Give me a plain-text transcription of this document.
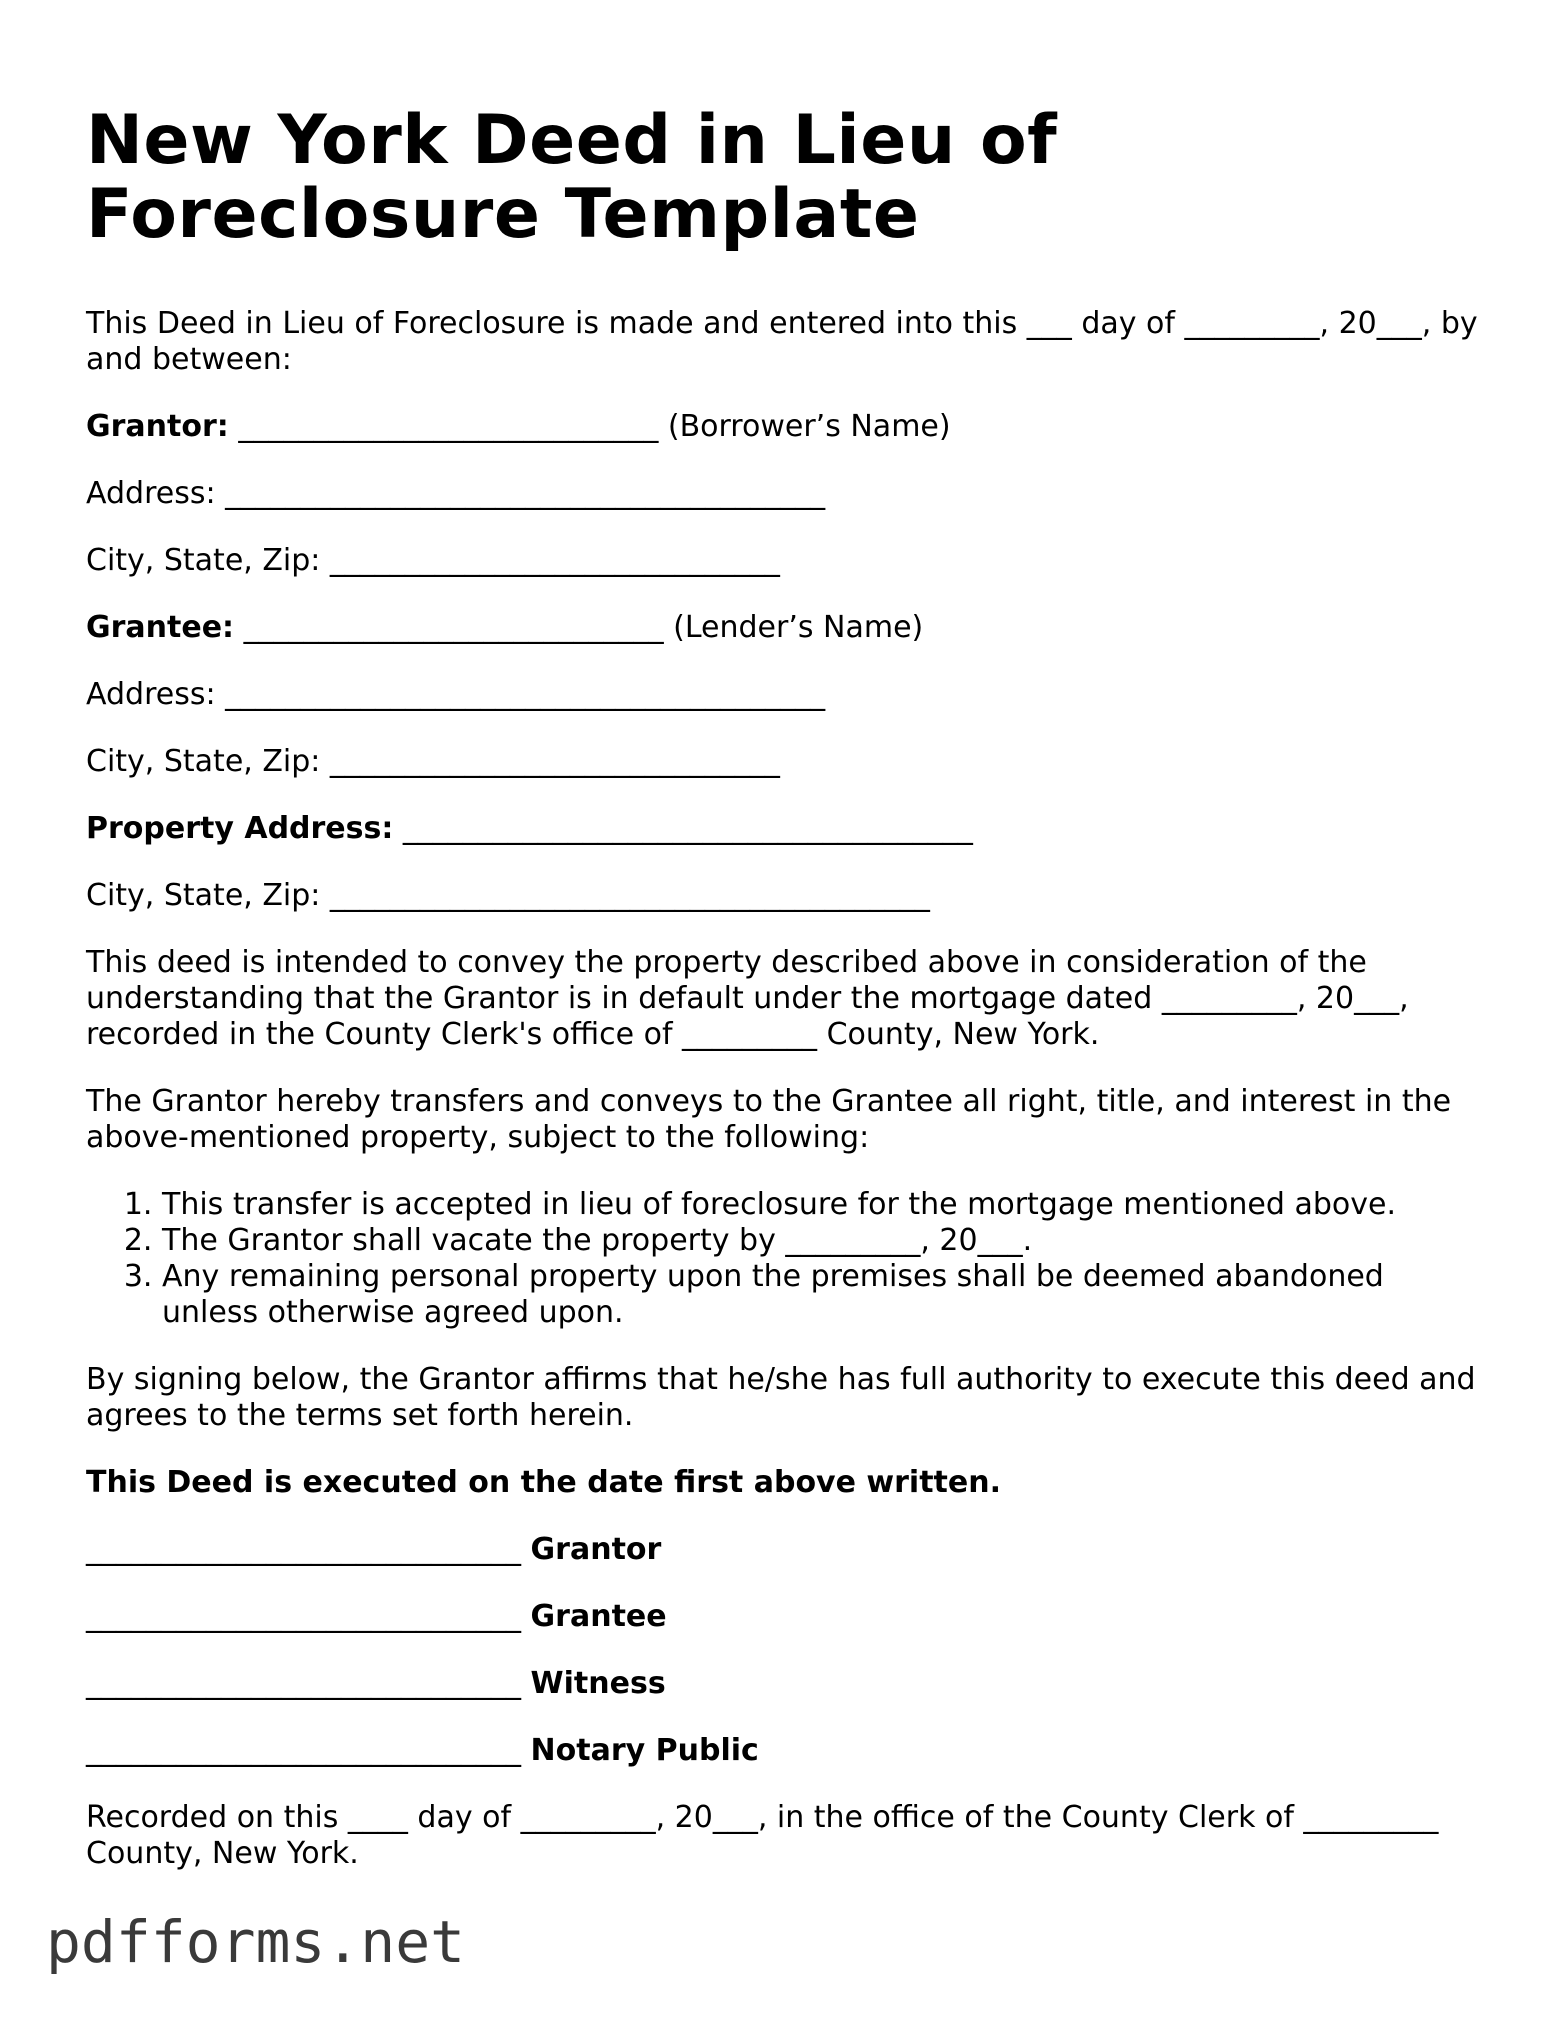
New York Deed in Lieu of Foreclosure Template

This Deed in Lieu of Foreclosure is made and entered into this ___ day of _________, 20___, by and between:

Grantor: ____________________________ (Borrower’s Name)

Address: ________________________________________

City, State, Zip: ______________________________

Grantee: ____________________________ (Lender’s Name)

Address: ________________________________________

City, State, Zip: ______________________________

Property Address: ______________________________________

City, State, Zip: ________________________________________

This deed is intended to convey the property described above in consideration of the understanding that the Grantor is in default under the mortgage dated _________, 20___, recorded in the County Clerk's office of _________ County, New York.

The Grantor hereby transfers and conveys to the Grantee all right, title, and interest in the above-mentioned property, subject to the following:

1. This transfer is accepted in lieu of foreclosure for the mortgage mentioned above.
2. The Grantor shall vacate the property by _________, 20___.
3. Any remaining personal property upon the premises shall be deemed abandoned unless otherwise agreed upon.

By signing below, the Grantor affirms that he/she has full authority to execute this deed and agrees to the terms set forth herein.

This Deed is executed on the date first above written.

_____________________________ Grantor
_____________________________ Grantee
_____________________________ Witness
_____________________________ Notary Public

Recorded on this ____ day of _________, 20___, in the office of the County Clerk of _________ County, New York.

pdfforms.net
